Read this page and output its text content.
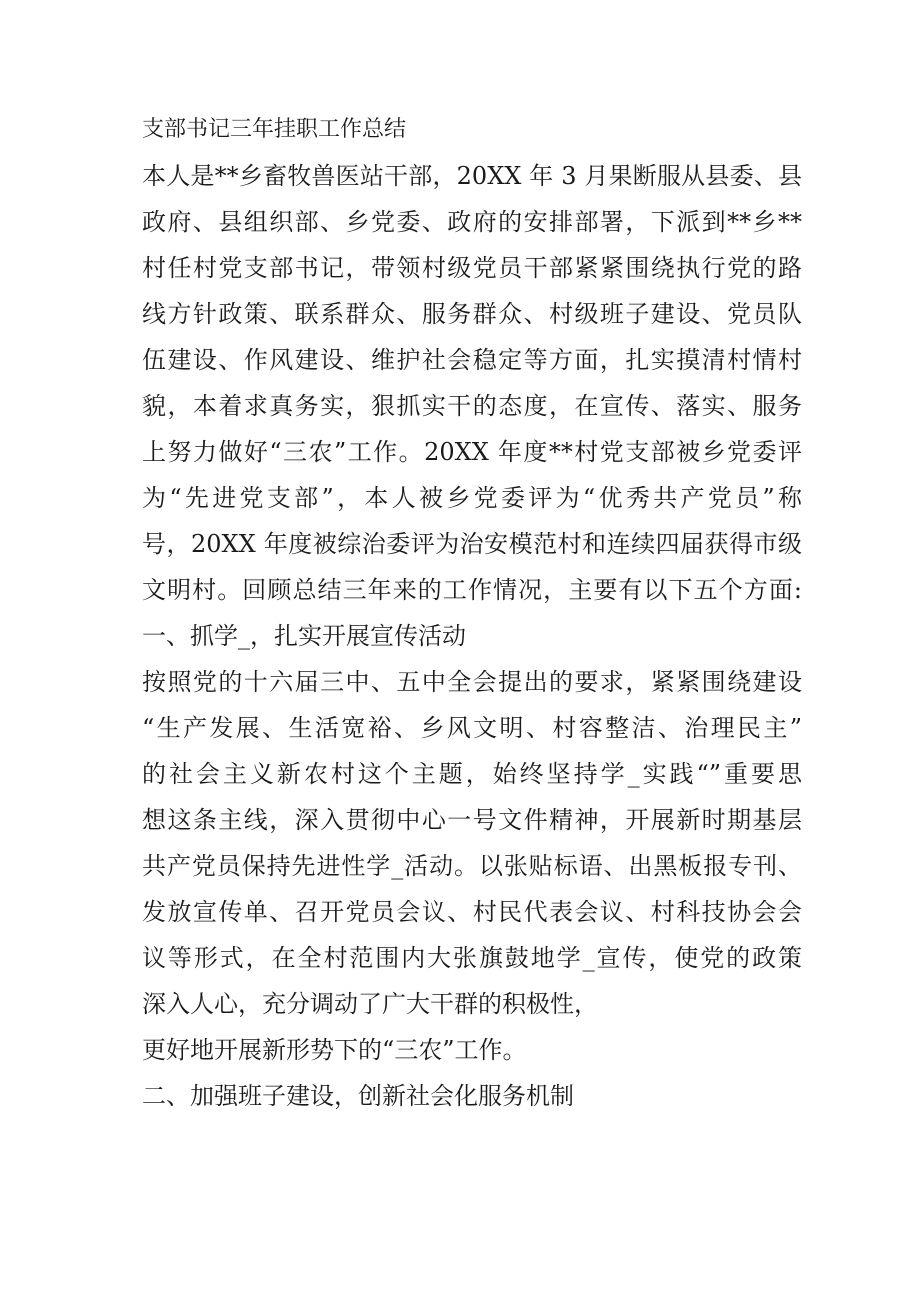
支部书记三年挂职工作总结
本人是**乡畜牧兽医站干部，20XX 年 3 月果断服从县委、县
政府、县组织部、乡党委、政府的安排部署，下派到**乡**
村任村党支部书记，带领村级党员干部紧紧围绕执行党的路
线方针政策、联系群众、服务群众、村级班子建设、党员队
伍建设、作风建设、维护社会稳定等方面，扎实摸清村情村
貌，本着求真务实，狠抓实干的态度，在宣传、落实、服务
上努力做好“三农”工作。20XX 年度**村党支部被乡党委评
为“先进党支部”，本人被乡党委评为“优秀共产党员”称
号，20XX 年度被综治委评为治安模范村和连续四届获得市级
文明村。回顾总结三年来的工作情况，主要有以下五个方面:
一、抓学_，扎实开展宣传活动
按照党的十六届三中、五中全会提出的要求，紧紧围绕建设
“生产发展、生活宽裕、乡风文明、村容整洁、治理民主”
的社会主义新农村这个主题，始终坚持学_实践“”重要思
想这条主线，深入贯彻中心一号文件精神，开展新时期基层
共产党员保持先进性学_活动。以张贴标语、出黑板报专刊、
发放宣传单、召开党员会议、村民代表会议、村科技协会会
议等形式，在全村范围内大张旗鼓地学_宣传，使党的政策
深入人心，充分调动了广大干群的积极性，
更好地开展新形势下的“三农”工作。
二、加强班子建设，创新社会化服务机制
